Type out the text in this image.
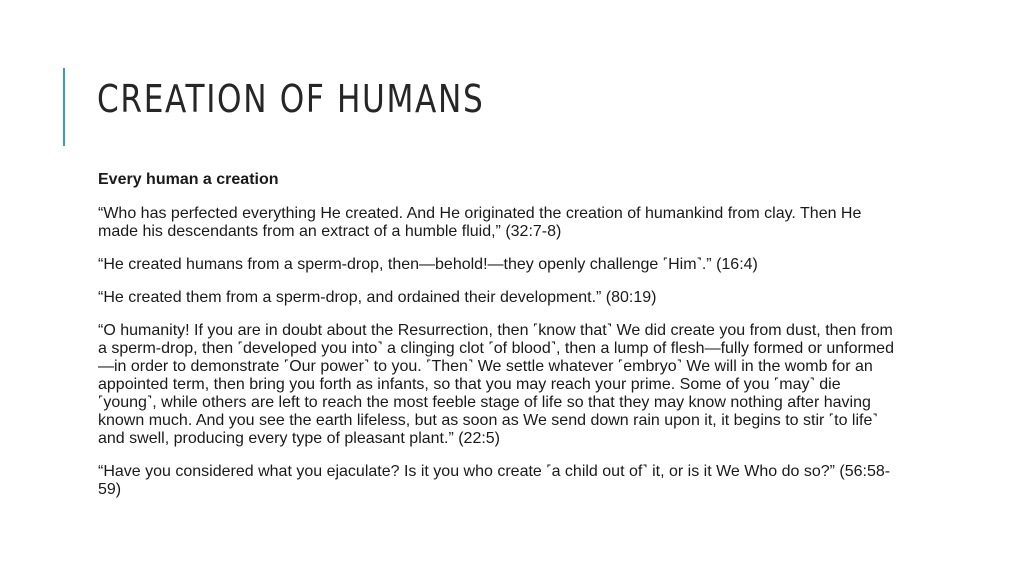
CREATION OF HUMANS
Every human a creation

“Who has perfected everything He created. And He originated the creation of humankind from clay. Then He made his descendants from an extract of a humble fluid,” (32:7-8)

“He created humans from a sperm-drop, then—behold!—they openly challenge ˹Him˺.” (16:4)

“He created them from a sperm-drop, and ordained their development.” (80:19)

“O humanity! If you are in doubt about the Resurrection, then ˹know that˺ We did create you from dust, then from a sperm-drop, then ˹developed you into˺ a clinging clot ˹of blood˺, then a lump of flesh—fully formed or unformed—in order to demonstrate ˹Our power˺ to you. ˹Then˺ We settle whatever ˹embryo˺ We will in the womb for an appointed term, then bring you forth as infants, so that you may reach your prime. Some of you ˹may˺ die ˹young˺, while others are left to reach the most feeble stage of life so that they may know nothing after having known much. And you see the earth lifeless, but as soon as We send down rain upon it, it begins to stir ˹to life˺ and swell, producing every type of pleasant plant.” (22:5)

“Have you considered what you ejaculate? Is it you who create ˹a child out of˺ it, or is it We Who do so?” (56:58-59)
